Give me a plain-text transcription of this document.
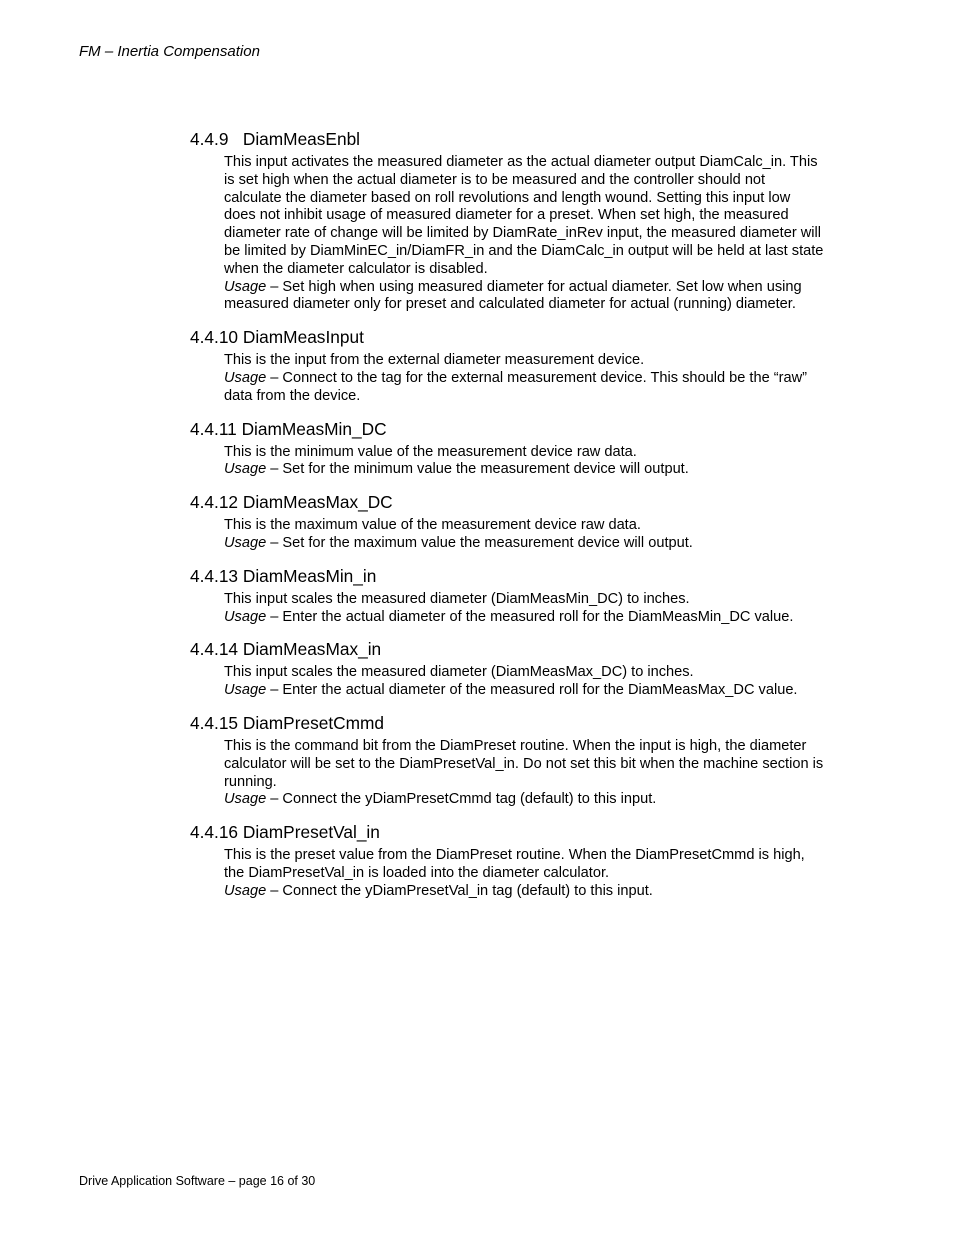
FM – Inertia Compensation
4.4.9 DiamMeasEnbl
This input activates the measured diameter as the actual diameter output DiamCalc_in. This is set high when the actual diameter is to be measured and the controller should not calculate the diameter based on roll revolutions and length wound. Setting this input low does not inhibit usage of measured diameter for a preset. When set high, the measured diameter rate of change will be limited by DiamRate_inRev input, the measured diameter will be limited by DiamMinEC_in/DiamFR_in and the DiamCalc_in output will be held at last state when the diameter calculator is disabled.
Usage – Set high when using measured diameter for actual diameter. Set low when using measured diameter only for preset and calculated diameter for actual (running) diameter.
4.4.10 DiamMeasInput
This is the input from the external diameter measurement device.
Usage – Connect to the tag for the external measurement device. This should be the “raw” data from the device.
4.4.11 DiamMeasMin_DC
This is the minimum value of the measurement device raw data.
Usage – Set for the minimum value the measurement device will output.
4.4.12 DiamMeasMax_DC
This is the maximum value of the measurement device raw data.
Usage – Set for the maximum value the measurement device will output.
4.4.13 DiamMeasMin_in
This input scales the measured diameter (DiamMeasMin_DC) to inches.
Usage – Enter the actual diameter of the measured roll for the DiamMeasMin_DC value.
4.4.14 DiamMeasMax_in
This input scales the measured diameter (DiamMeasMax_DC) to inches.
Usage – Enter the actual diameter of the measured roll for the DiamMeasMax_DC value.
4.4.15 DiamPresetCmmd
This is the command bit from the DiamPreset routine. When the input is high, the diameter calculator will be set to the DiamPresetVal_in. Do not set this bit when the machine section is running.
Usage – Connect the yDiamPresetCmmd tag (default) to this input.
4.4.16 DiamPresetVal_in
This is the preset value from the DiamPreset routine. When the DiamPresetCmmd is high, the DiamPresetVal_in is loaded into the diameter calculator.
Usage – Connect the yDiamPresetVal_in tag (default) to this input.
Drive Application Software – page 16 of 30
